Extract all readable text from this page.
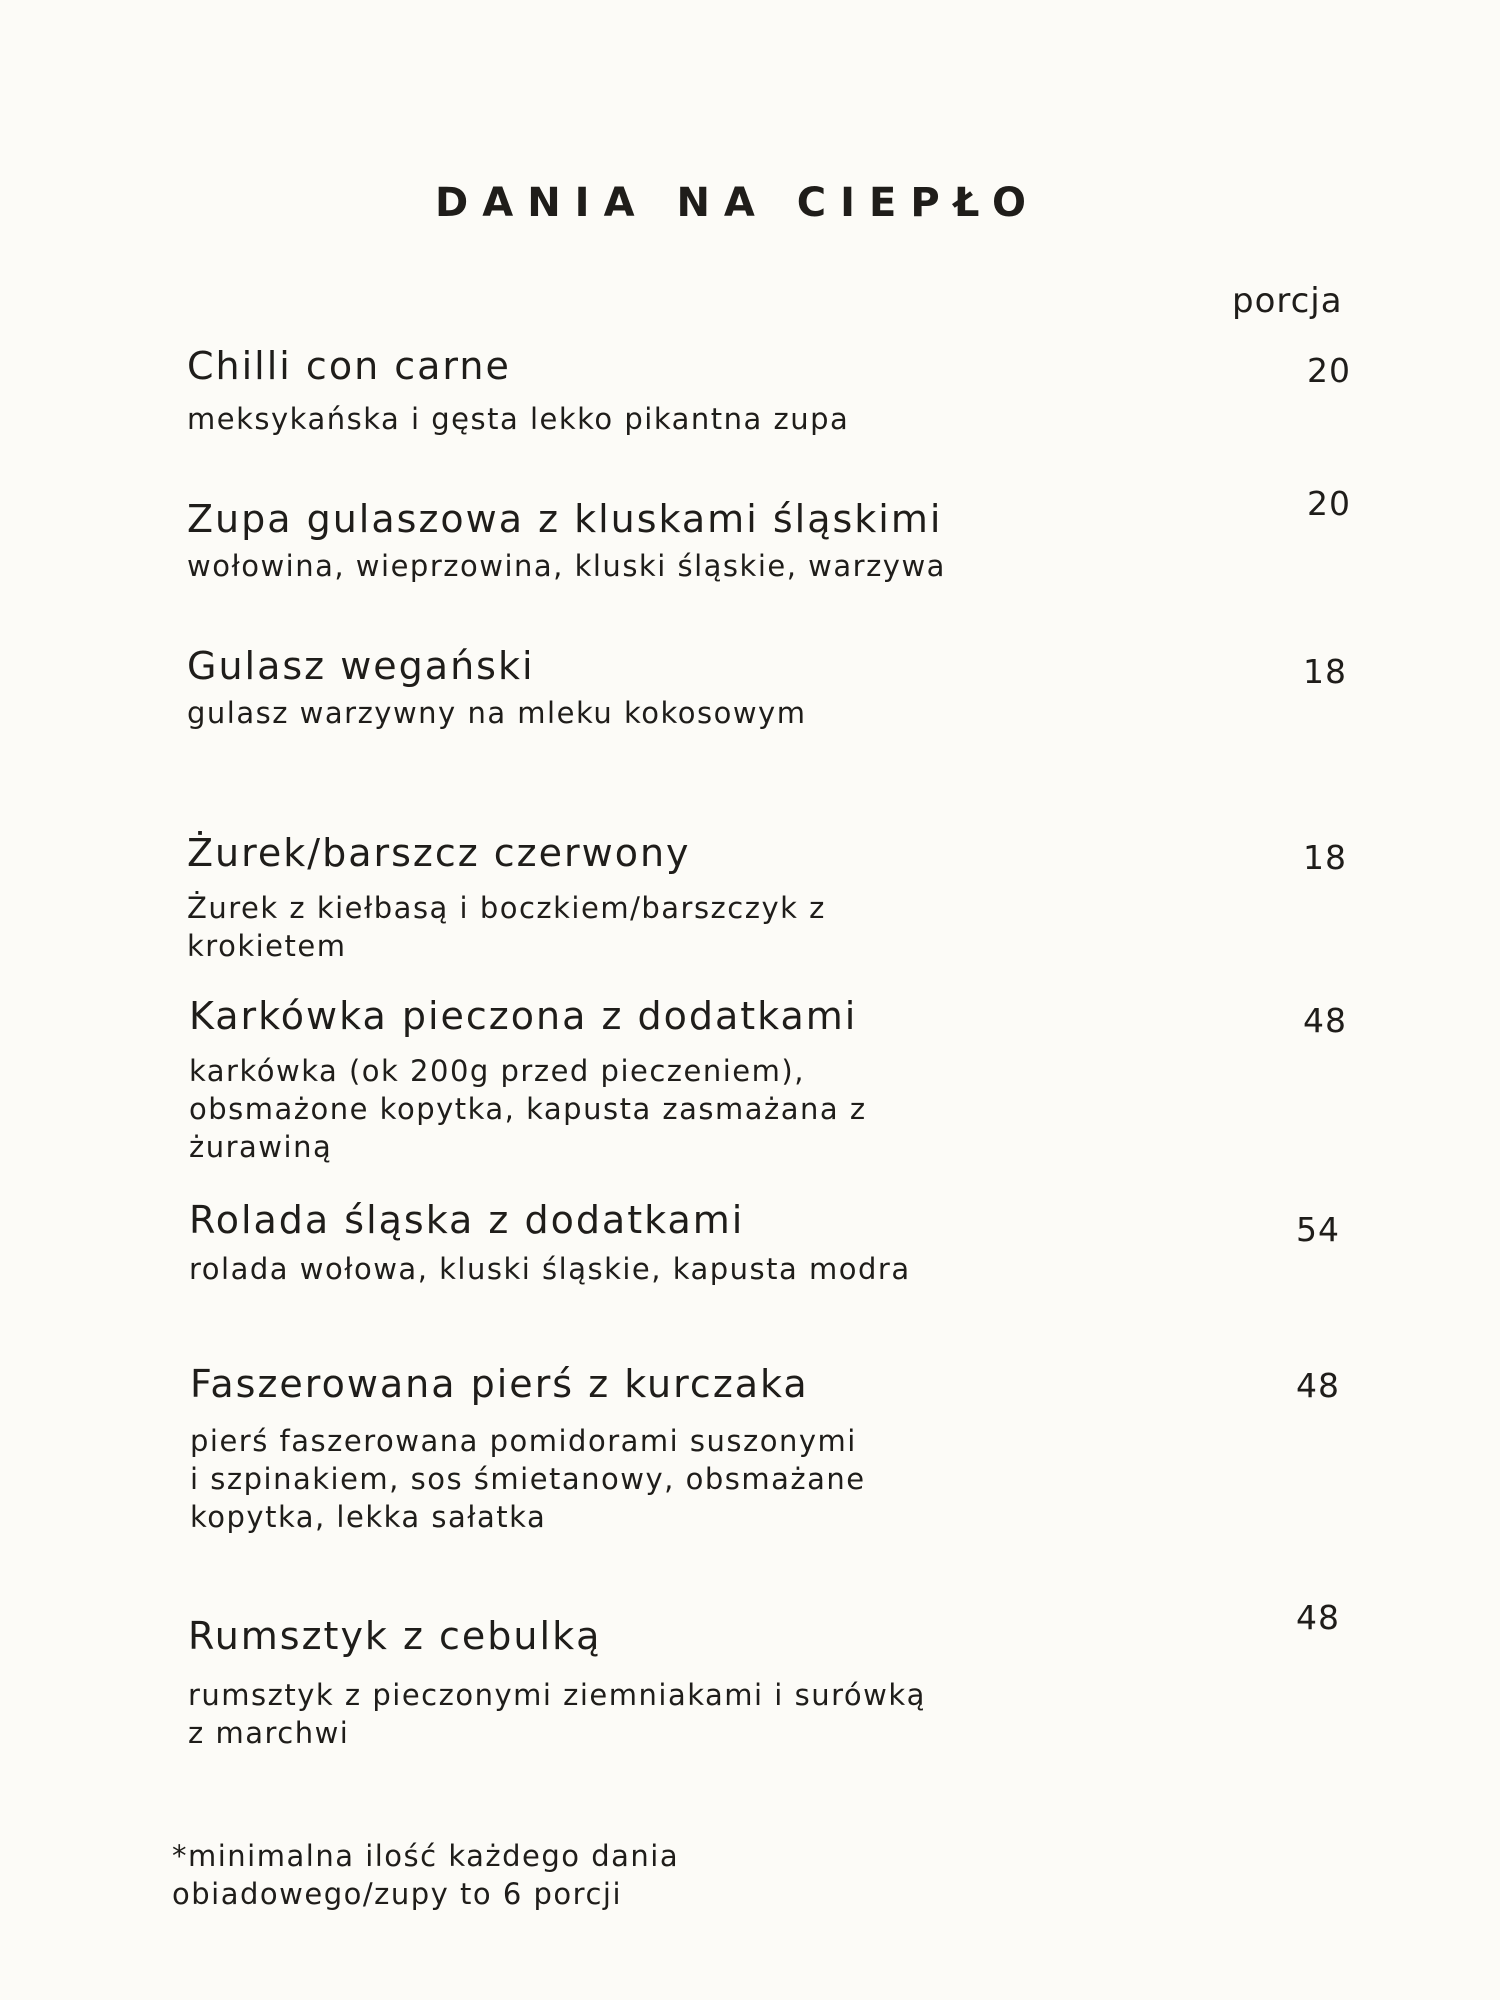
DANIA NA CIEPŁO
porcja
Chilli con carne
meksykańska i gęsta lekko pikantna zupa
20
Zupa gulaszowa z kluskami śląskimi
wołowina, wieprzowina, kluski śląskie, warzywa
20
Gulasz wegański
gulasz warzywny na mleku kokosowym
18
Żurek/barszcz czerwony
Żurek z kiełbasą i boczkiem/barszczyk z
krokietem
18
Karkówka pieczona z dodatkami
karkówka (ok 200g przed pieczeniem),
obsmażone kopytka, kapusta zasmażana z
żurawiną
48
Rolada śląska z dodatkami
rolada wołowa, kluski śląskie, kapusta modra
54
Faszerowana pierś z kurczaka
pierś faszerowana pomidorami suszonymi
i szpinakiem, sos śmietanowy, obsmażane
kopytka, lekka sałatka
48
Rumsztyk z cebulką
rumsztyk z pieczonymi ziemniakami i surówką
z marchwi
48
*minimalna ilość każdego dania
obiadowego/zupy to 6 porcji
